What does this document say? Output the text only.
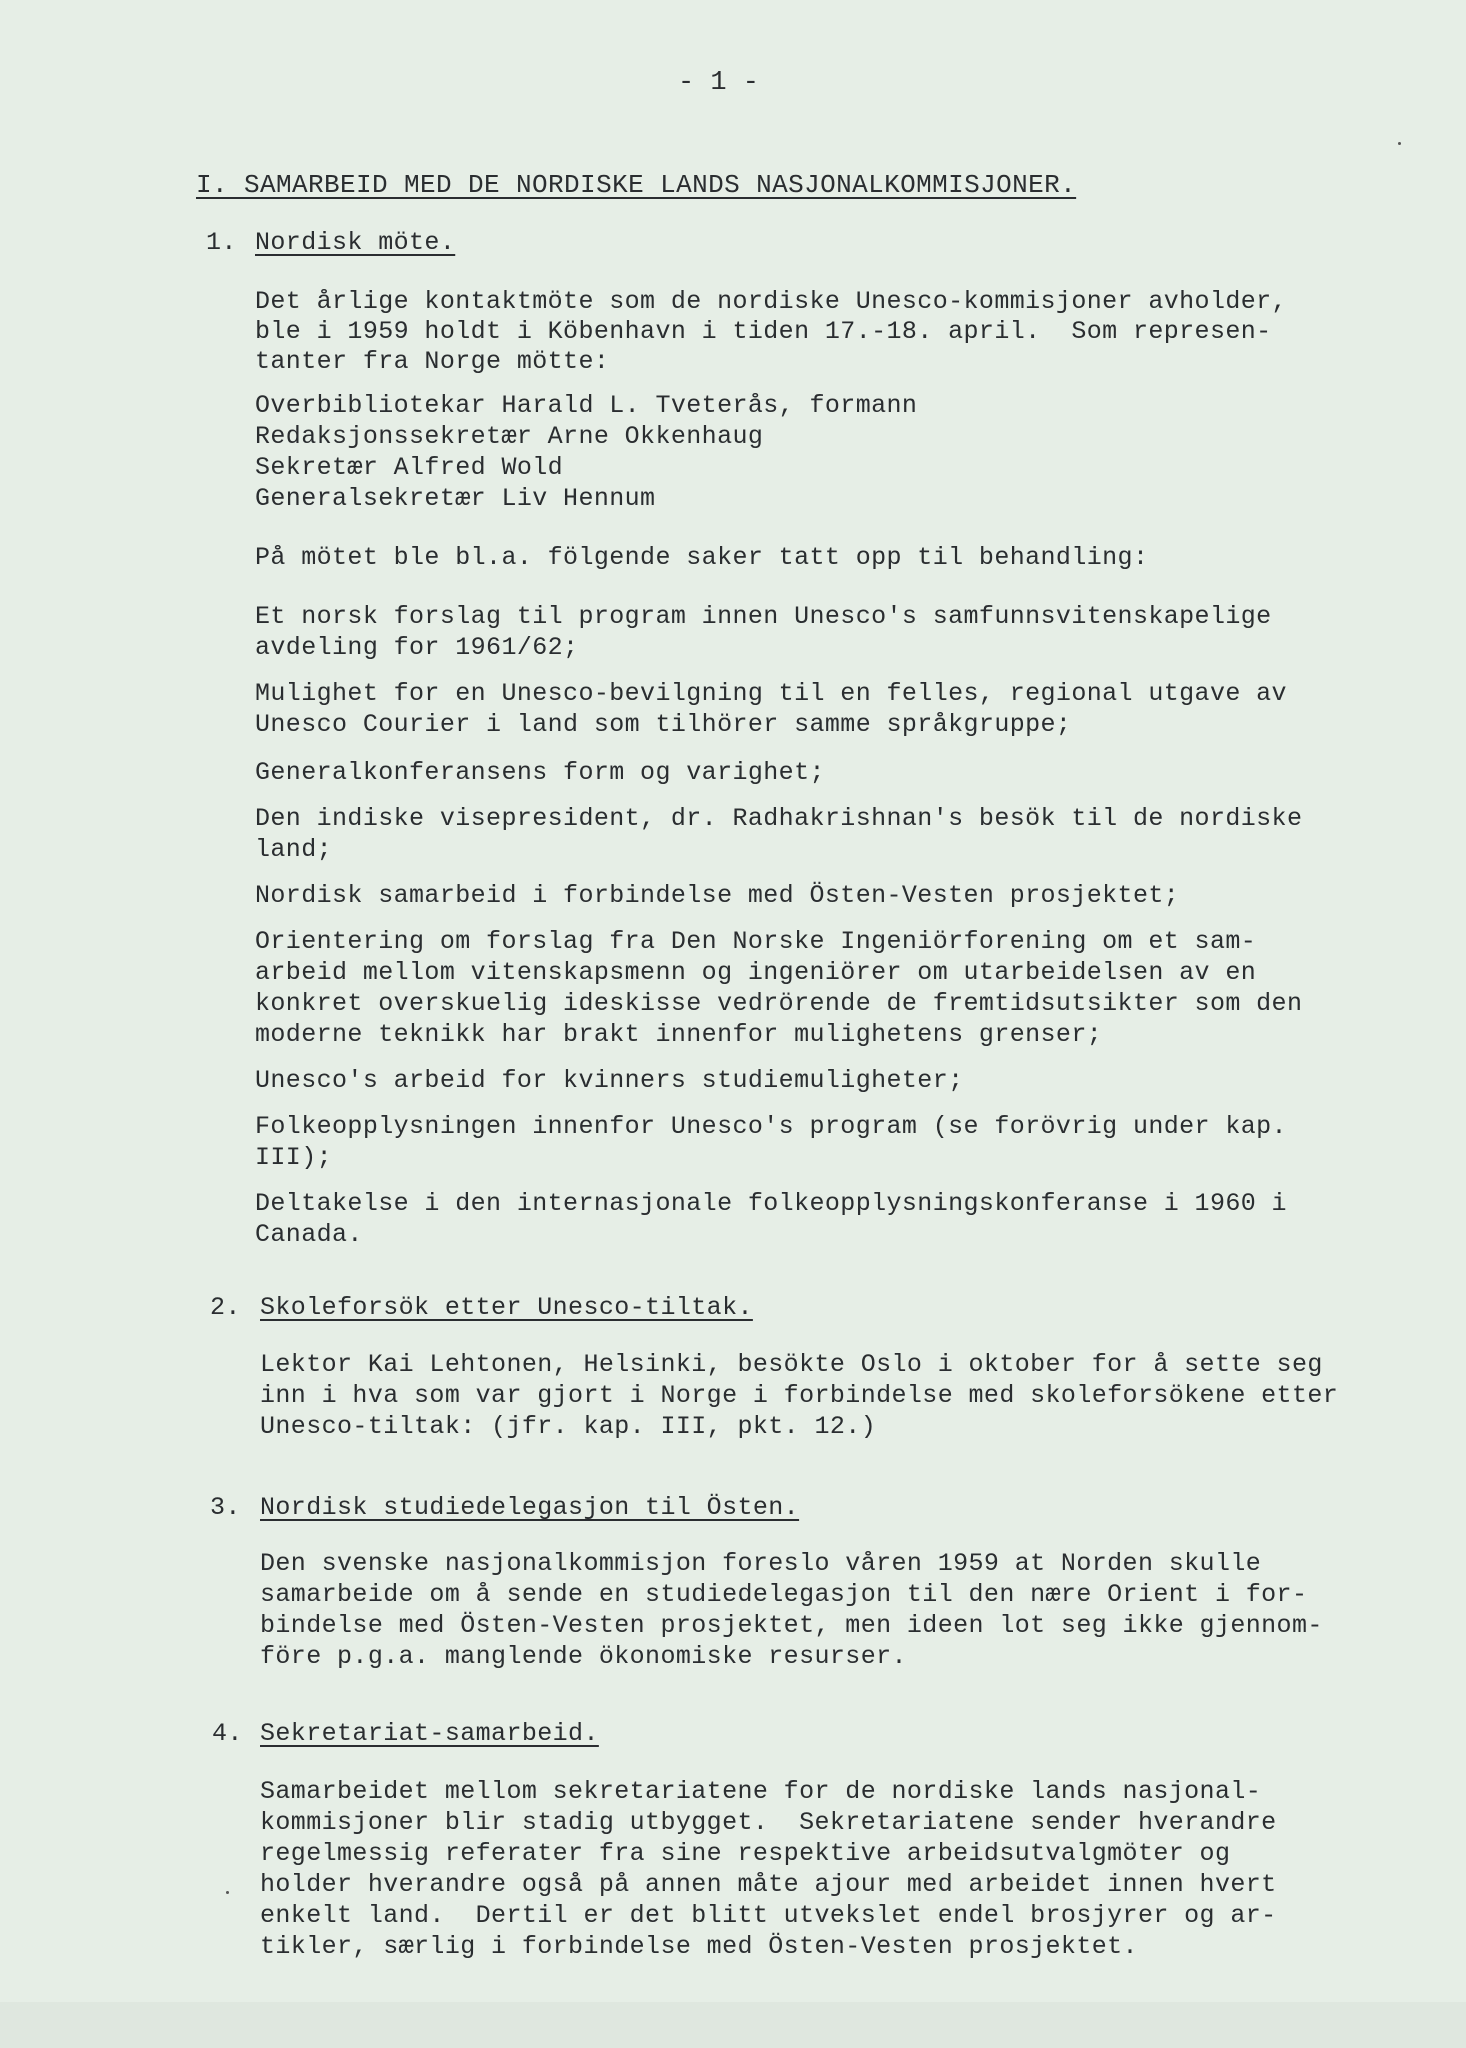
- 1 -
I. SAMARBEID MED DE NORDISKE LANDS NASJONALKOMMISJONER.
1. Nordisk möte.
Det årlige kontaktmöte som de nordiske Unesco-kommisjoner avholder,
ble i 1959 holdt i Köbenhavn i tiden 17.-18. april.  Som represen-
tanter fra Norge mötte:
Overbibliotekar Harald L. Tveterås, formann
Redaksjonssekretær Arne Okkenhaug
Sekretær Alfred Wold
Generalsekretær Liv Hennum
På mötet ble bl.a. fölgende saker tatt opp til behandling:
Et norsk forslag til program innen Unesco's samfunnsvitenskapelige
avdeling for 1961/62;
Mulighet for en Unesco-bevilgning til en felles, regional utgave av
Unesco Courier i land som tilhörer samme språkgruppe;
Generalkonferansens form og varighet;
Den indiske visepresident, dr. Radhakrishnan's besök til de nordiske
land;
Nordisk samarbeid i forbindelse med Östen-Vesten prosjektet;
Orientering om forslag fra Den Norske Ingeniörforening om et sam-
arbeid mellom vitenskapsmenn og ingeniörer om utarbeidelsen av en
konkret overskuelig ideskisse vedrörende de fremtidsutsikter som den
moderne teknikk har brakt innenfor mulighetens grenser;
Unesco's arbeid for kvinners studiemuligheter;
Folkeopplysningen innenfor Unesco's program (se forövrig under kap.
III);
Deltakelse i den internasjonale folkeopplysningskonferanse i 1960 i
Canada.
2. Skoleforsök etter Unesco-tiltak.
Lektor Kai Lehtonen, Helsinki, besökte Oslo i oktober for å sette seg
inn i hva som var gjort i Norge i forbindelse med skoleforsökene etter
Unesco-tiltak: (jfr. kap. III, pkt. 12.)
3. Nordisk studiedelegasjon til Östen.
Den svenske nasjonalkommisjon foreslo våren 1959 at Norden skulle
samarbeide om å sende en studiedelegasjon til den nære Orient i for-
bindelse med Östen-Vesten prosjektet, men ideen lot seg ikke gjennom-
före p.g.a. manglende ökonomiske resurser.
4. Sekretariat-samarbeid.
Samarbeidet mellom sekretariatene for de nordiske lands nasjonal-
kommisjoner blir stadig utbygget.  Sekretariatene sender hverandre
regelmessig referater fra sine respektive arbeidsutvalgmöter og
holder hverandre også på annen måte ajour med arbeidet innen hvert
enkelt land.  Dertil er det blitt utvekslet endel brosjyrer og ar-
tikler, særlig i forbindelse med Östen-Vesten prosjektet.
